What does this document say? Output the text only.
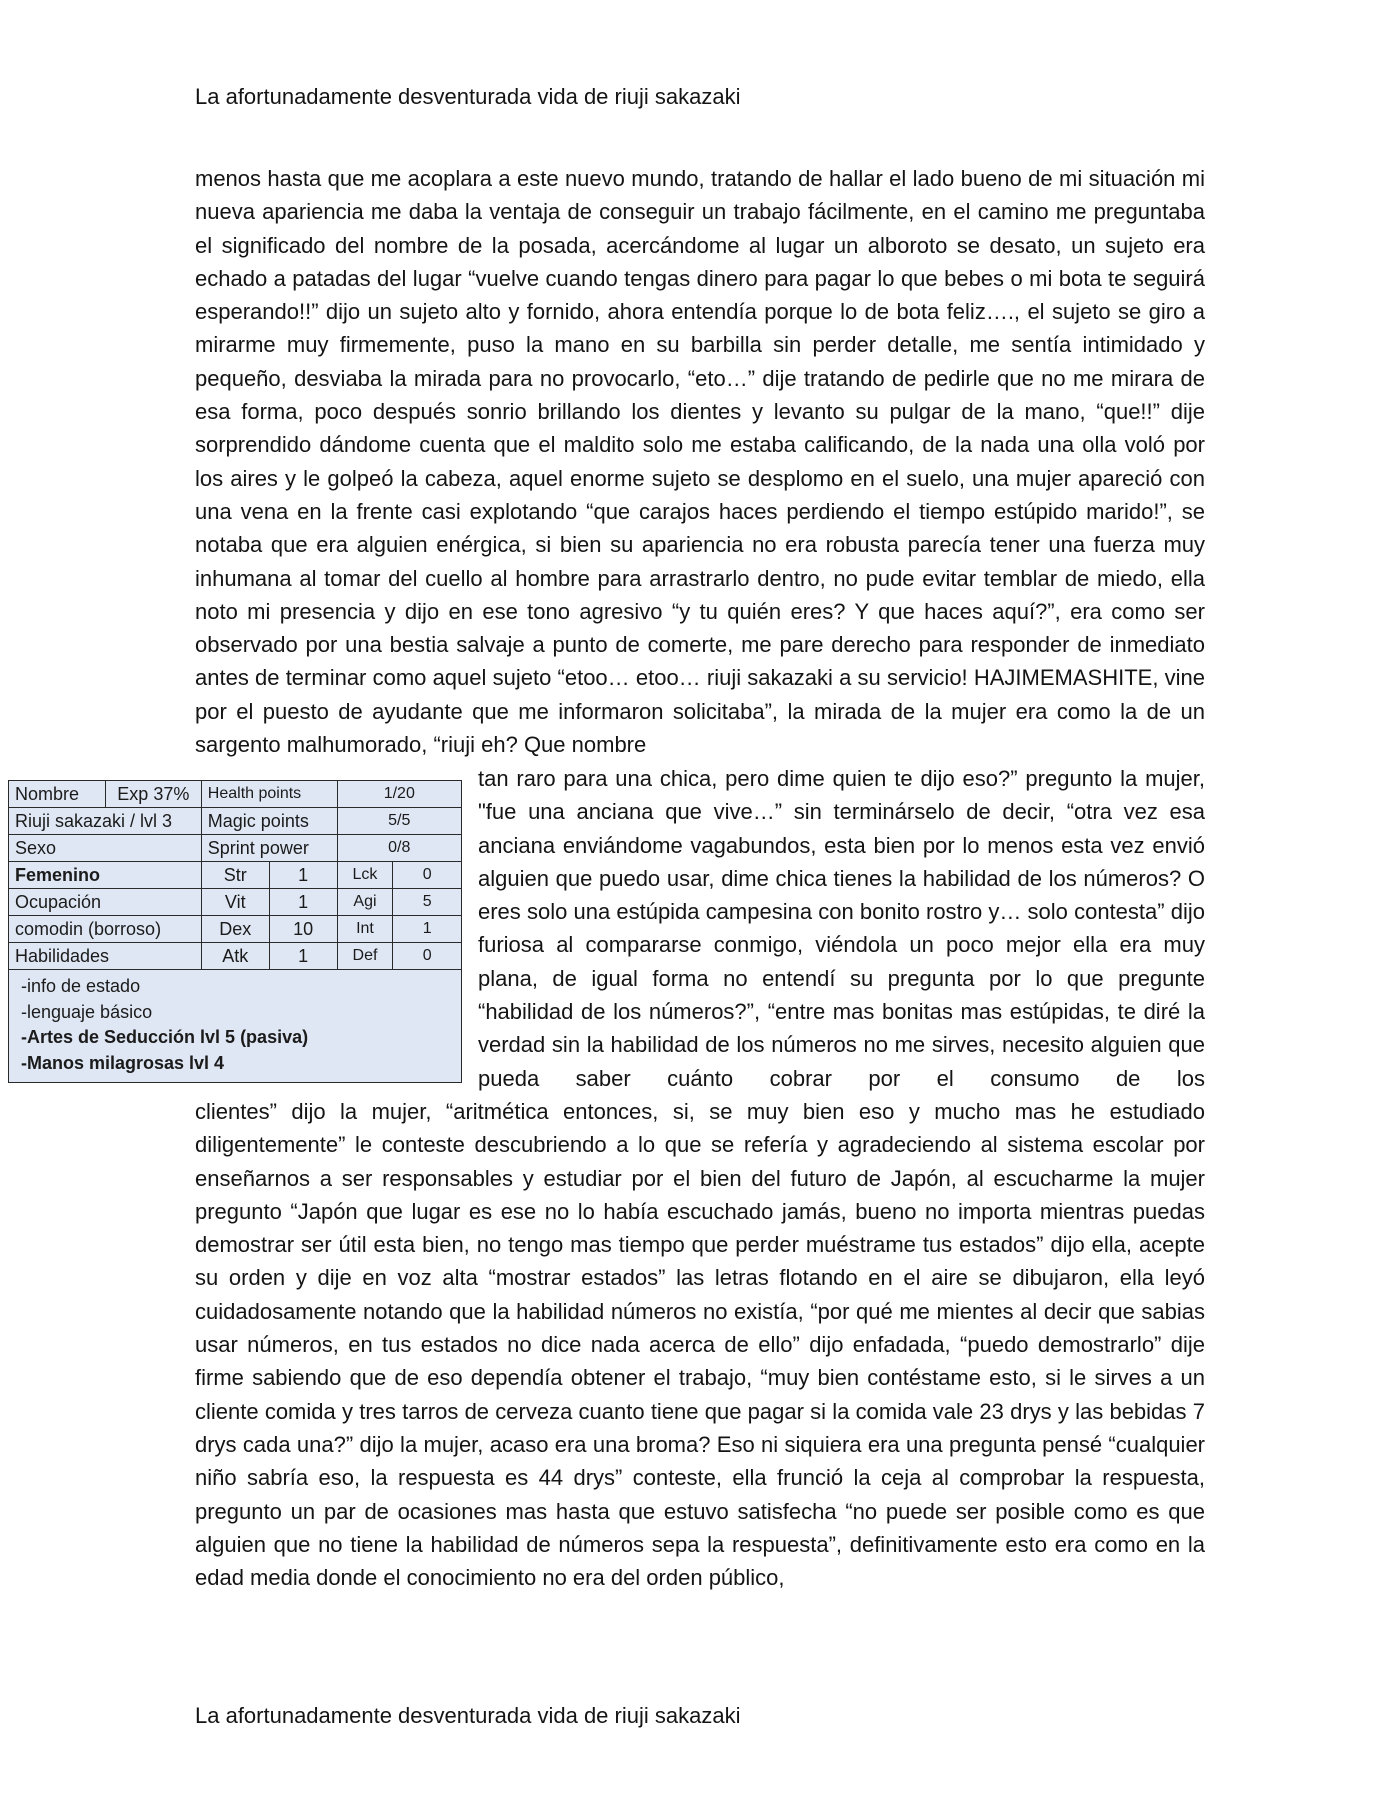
La afortunadamente desventurada vida de riuji sakazaki

menos hasta que me acoplara a este nuevo mundo, tratando de hallar el lado bueno de mi situación mi nueva apariencia me daba la ventaja de conseguir un trabajo fácilmente, en el camino me preguntaba el significado del nombre de la posada, acercándome al lugar un alboroto se desato, un sujeto era echado a patadas del lugar “vuelve cuando tengas dinero para pagar lo que bebes o mi bota te seguirá esperando!!” dijo un sujeto alto y fornido, ahora entendía porque lo de bota feliz…., el sujeto se giro a mirarme muy firmemente, puso la mano en su barbilla sin perder detalle, me sentía intimidado y pequeño, desviaba la mirada para no provocarlo, “eto…” dije tratando de pedirle que no me mirara de esa forma, poco después sonrio brillando los dientes y levanto su pulgar de la mano, “que!!” dije sorprendido dándome cuenta que el maldito solo me estaba calificando, de la nada una olla voló por los aires y le golpeó la cabeza, aquel enorme sujeto se desplomo en el suelo, una mujer apareció con una vena en la frente casi explotando “que carajos haces perdiendo el tiempo estúpido marido!”, se notaba que era alguien enérgica, si bien su apariencia no era robusta parecía tener una fuerza muy inhumana al tomar del cuello al hombre para arrastrarlo dentro, no pude evitar temblar de miedo, ella noto mi presencia y dijo en ese tono agresivo “y tu quién eres? Y que haces aquí?”, era como ser observado por una bestia salvaje a punto de comerte, me pare derecho para responder de inmediato antes de terminar como aquel sujeto “etoo… etoo… riuji sakazaki a su servicio! HAJIMEMASHITE, vine por el puesto de ayudante que me informaron solicitaba”, la mirada de la mujer era como la de un sargento malhumorado, “riuji eh? Que nombre

tan raro para una chica, pero dime quien te dijo eso?” pregunto la mujer, "fue una anciana que vive…” sin terminárselo de decir, “otra vez esa anciana enviándome vagabundos, esta bien por lo menos esta vez envió alguien que puedo usar, dime chica tienes la habilidad de los números? O eres solo una estúpida campesina con bonito rostro y… solo contesta” dijo furiosa al compararse conmigo, viéndola un poco mejor ella era muy plana, de igual forma no entendí su pregunta por lo que pregunte “habilidad de los números?”, “entre mas bonitas mas estúpidas, te diré la verdad sin la habilidad de los números no me sirves, necesito alguien que pueda saber cuánto cobrar por el consumo de los
clientes” dijo la mujer, “aritmética entonces, si, se muy bien eso y mucho mas he estudiado diligentemente” le conteste descubriendo a lo que se refería y agradeciendo al sistema escolar por enseñarnos a ser responsables y estudiar por el bien del futuro de Japón, al escucharme la mujer pregunto “Japón que lugar es ese no lo había escuchado jamás, bueno no importa mientras puedas demostrar ser útil esta bien, no tengo mas tiempo que perder muéstrame tus estados” dijo ella, acepte su orden y dije en voz alta “mostrar estados” las letras flotando en el aire se dibujaron, ella leyó cuidadosamente notando que la habilidad números no existía, “por qué me mientes al decir que sabias usar números, en tus estados no dice nada acerca de ello” dijo enfadada, “puedo demostrarlo” dije firme sabiendo que de eso dependía obtener el trabajo, “muy bien contéstame esto, si le sirves a un cliente comida y tres tarros de cerveza cuanto tiene que pagar si la comida vale 23 drys y las bebidas 7 drys cada una?” dijo la mujer, acaso era una broma? Eso ni siquiera era una pregunta pensé “cualquier niño sabría eso, la respuesta es 44 drys” conteste, ella frunció la ceja al comprobar la respuesta, pregunto un par de ocasiones mas hasta que estuvo satisfecha “no puede ser posible como es que alguien que no tiene la habilidad de números sepa la respuesta”, definitivamente esto era como en la edad media donde el conocimiento no era del orden público,
Nombre	Exp 37%	Health points		1/20	
Riuji sakazaki / lvl 3		Magic points		5/5	
Sexo		Sprint power		0/8	
Femenino		Str	1	Lck	0
Ocupación		Vit	1	Agi	5
comodin (borroso)		Dex	10	Int	1
Habilidades		Atk	1	Def	0

-info de estado
-lenguaje básico
-Artes de Seducción lvl 5 (pasiva)
-Manos milagrosas lvl 4					
La afortunadamente desventurada vida de riuji sakazaki
